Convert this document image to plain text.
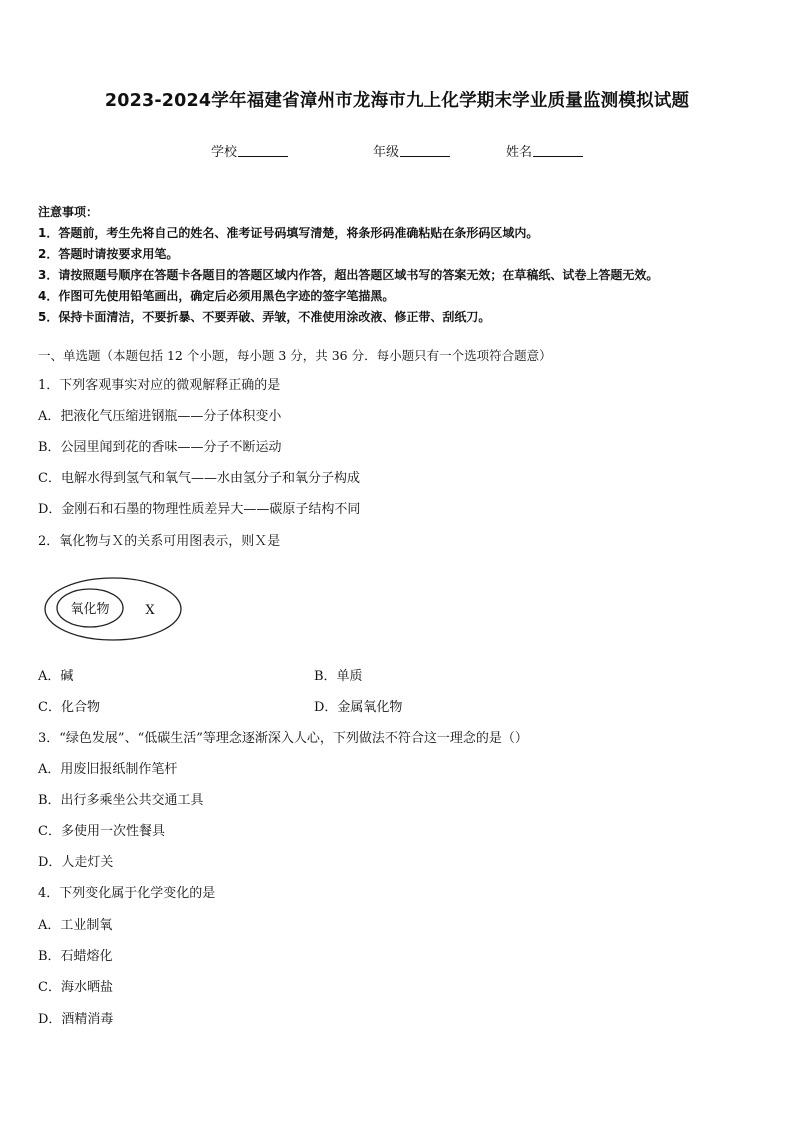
2023-2024学年福建省漳州市龙海市九上化学期末学业质量监测模拟试题
学校	年级	姓名
注意事项：
1．答题前，考生先将自己的姓名、准考证号码填写清楚，将条形码准确粘贴在条形码区域内。
2．答题时请按要求用笔。
3．请按照题号顺序在答题卡各题目的答题区域内作答，超出答题区域书写的答案无效；在草稿纸、试卷上答题无效。
4．作图可先使用铅笔画出，确定后必须用黑色字迹的签字笔描黑。
5．保持卡面清洁，不要折暴、不要弄破、弄皱，不准使用涂改液、修正带、刮纸刀。
一、单选题（本题包括 12 个小题，每小题 3 分，共 36 分．每小题只有一个选项符合题意）
1．下列客观事实对应的微观解释正确的是
A．把液化气压缩进钢瓶——分子体积变小
B．公园里闻到花的香味——分子不断运动
C．电解水得到氢气和氧气——水由氢分子和氧分子构成
D．金刚石和石墨的物理性质差异大——碳原子结构不同
2．氧化物与Ｘ的关系可用图表示，则Ｘ是
氧化物	X
A．碱	B．单质
C．化合物	D．金属氧化物
3．“绿色发展”、“低碳生活”等理念逐渐深入人心，下列做法不符合这一理念的是（）
A．用废旧报纸制作笔杆
B．出行多乘坐公共交通工具
C．多使用一次性餐具
D．人走灯关
4．下列变化属于化学变化的是
A．工业制氧
B．石蜡熔化
C．海水晒盐
D．酒精消毒
